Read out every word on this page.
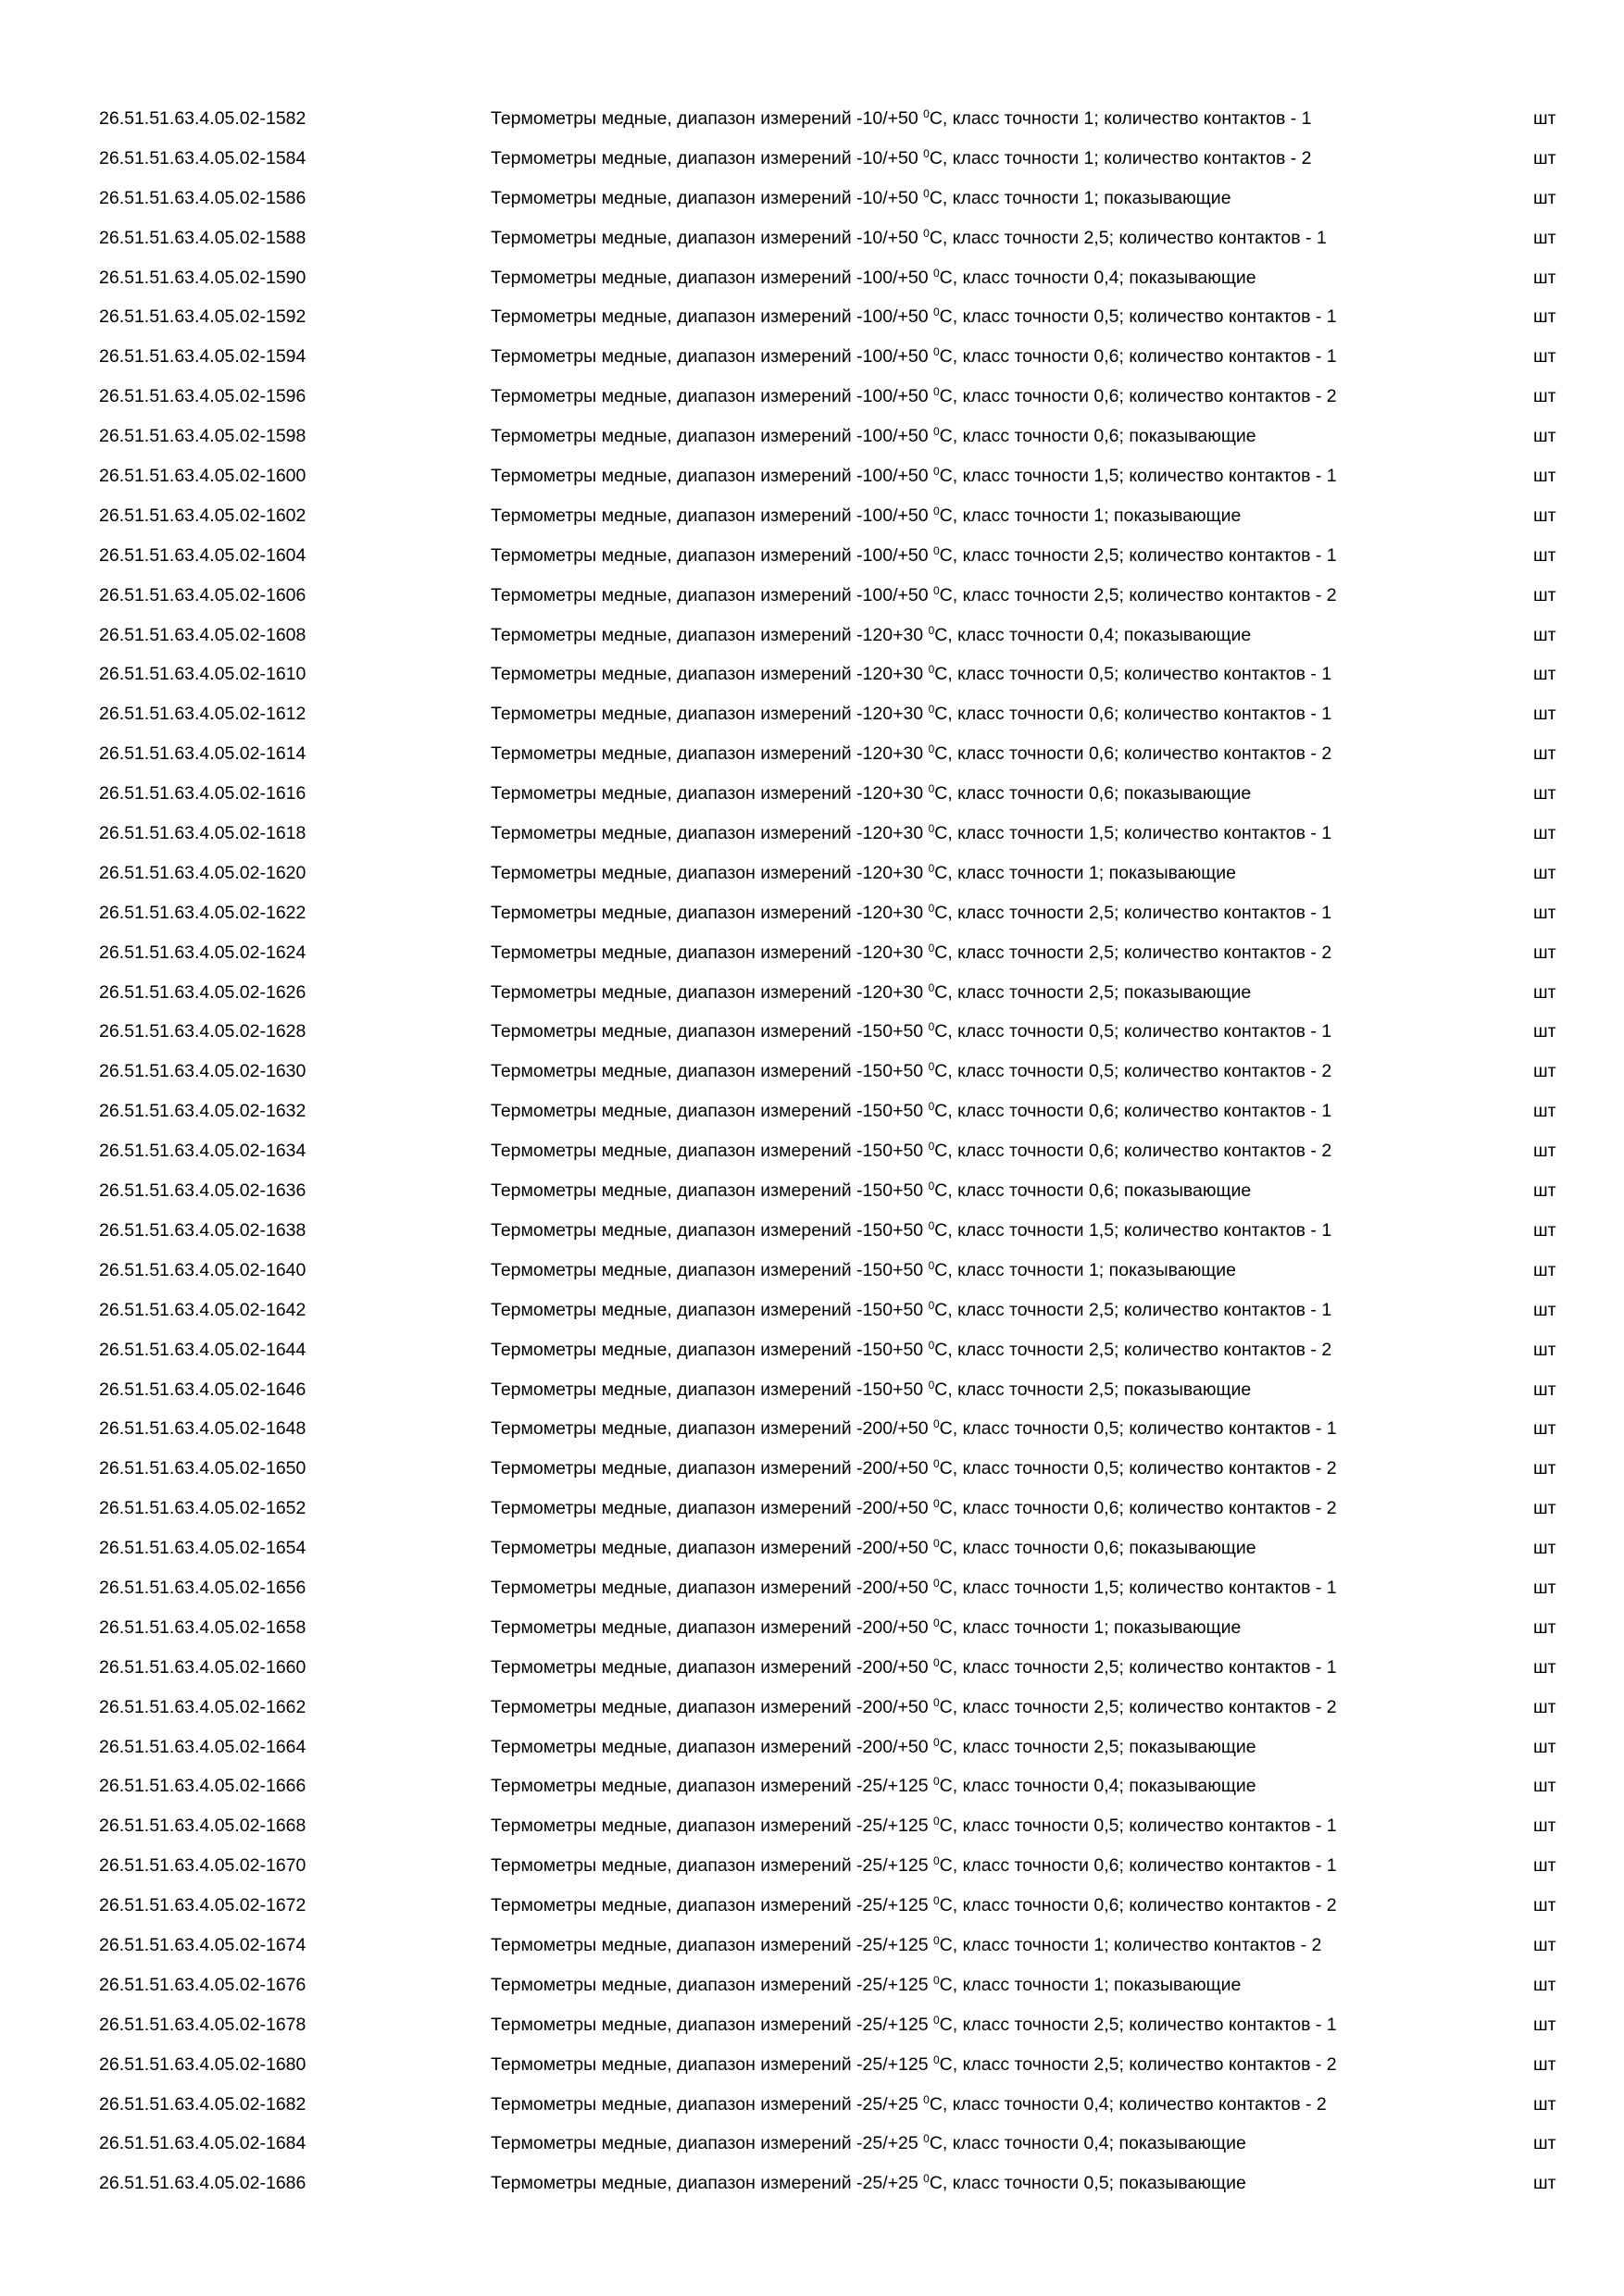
26.51.51.63.4.05.02-1582	Термометры медные, диапазон измерений -10/+50 $^0$С, класс точности 1; количество контактов - 1	шт
26.51.51.63.4.05.02-1584	Термометры медные, диапазон измерений -10/+50 $^0$С, класс точности 1; количество контактов - 2	шт
26.51.51.63.4.05.02-1586	Термометры медные, диапазон измерений -10/+50 $^0$С, класс точности 1; показывающие	шт
26.51.51.63.4.05.02-1588	Термометры медные, диапазон измерений -10/+50 $^0$С, класс точности 2,5; количество контактов - 1	шт
26.51.51.63.4.05.02-1590	Термометры медные, диапазон измерений -100/+50 $^0$С, класс точности 0,4; показывающие	шт
26.51.51.63.4.05.02-1592	Термометры медные, диапазон измерений -100/+50 $^0$С, класс точности 0,5; количество контактов - 1	шт
26.51.51.63.4.05.02-1594	Термометры медные, диапазон измерений -100/+50 $^0$С, класс точности 0,6; количество контактов - 1	шт
26.51.51.63.4.05.02-1596	Термометры медные, диапазон измерений -100/+50 $^0$С, класс точности 0,6; количество контактов - 2	шт
26.51.51.63.4.05.02-1598	Термометры медные, диапазон измерений -100/+50 $^0$С, класс точности 0,6; показывающие	шт
26.51.51.63.4.05.02-1600	Термометры медные, диапазон измерений -100/+50 $^0$С, класс точности 1,5; количество контактов - 1	шт
26.51.51.63.4.05.02-1602	Термометры медные, диапазон измерений -100/+50 $^0$С, класс точности 1; показывающие	шт
26.51.51.63.4.05.02-1604	Термометры медные, диапазон измерений -100/+50 $^0$С, класс точности 2,5; количество контактов - 1	шт
26.51.51.63.4.05.02-1606	Термометры медные, диапазон измерений -100/+50 $^0$С, класс точности 2,5; количество контактов - 2	шт
26.51.51.63.4.05.02-1608	Термометры медные, диапазон измерений -120+30 $^0$С, класс точности 0,4; показывающие	шт
26.51.51.63.4.05.02-1610	Термометры медные, диапазон измерений -120+30 $^0$С, класс точности 0,5; количество контактов - 1	шт
26.51.51.63.4.05.02-1612	Термометры медные, диапазон измерений -120+30 $^0$С, класс точности 0,6; количество контактов - 1	шт
26.51.51.63.4.05.02-1614	Термометры медные, диапазон измерений -120+30 $^0$С, класс точности 0,6; количество контактов - 2	шт
26.51.51.63.4.05.02-1616	Термометры медные, диапазон измерений -120+30 $^0$С, класс точности 0,6; показывающие	шт
26.51.51.63.4.05.02-1618	Термометры медные, диапазон измерений -120+30 $^0$С, класс точности 1,5; количество контактов - 1	шт
26.51.51.63.4.05.02-1620	Термометры медные, диапазон измерений -120+30 $^0$С, класс точности 1; показывающие	шт
26.51.51.63.4.05.02-1622	Термометры медные, диапазон измерений -120+30 $^0$С, класс точности 2,5; количество контактов - 1	шт
26.51.51.63.4.05.02-1624	Термометры медные, диапазон измерений -120+30 $^0$С, класс точности 2,5; количество контактов - 2	шт
26.51.51.63.4.05.02-1626	Термометры медные, диапазон измерений -120+30 $^0$С, класс точности 2,5; показывающие	шт
26.51.51.63.4.05.02-1628	Термометры медные, диапазон измерений -150+50 $^0$С, класс точности 0,5; количество контактов - 1	шт
26.51.51.63.4.05.02-1630	Термометры медные, диапазон измерений -150+50 $^0$С, класс точности 0,5; количество контактов - 2	шт
26.51.51.63.4.05.02-1632	Термометры медные, диапазон измерений -150+50 $^0$С, класс точности 0,6; количество контактов - 1	шт
26.51.51.63.4.05.02-1634	Термометры медные, диапазон измерений -150+50 $^0$С, класс точности 0,6; количество контактов - 2	шт
26.51.51.63.4.05.02-1636	Термометры медные, диапазон измерений -150+50 $^0$С, класс точности 0,6; показывающие	шт
26.51.51.63.4.05.02-1638	Термометры медные, диапазон измерений -150+50 $^0$С, класс точности 1,5; количество контактов - 1	шт
26.51.51.63.4.05.02-1640	Термометры медные, диапазон измерений -150+50 $^0$С, класс точности 1; показывающие	шт
26.51.51.63.4.05.02-1642	Термометры медные, диапазон измерений -150+50 $^0$С, класс точности 2,5; количество контактов - 1	шт
26.51.51.63.4.05.02-1644	Термометры медные, диапазон измерений -150+50 $^0$С, класс точности 2,5; количество контактов - 2	шт
26.51.51.63.4.05.02-1646	Термометры медные, диапазон измерений -150+50 $^0$С, класс точности 2,5; показывающие	шт
26.51.51.63.4.05.02-1648	Термометры медные, диапазон измерений -200/+50 $^0$С, класс точности 0,5; количество контактов - 1	шт
26.51.51.63.4.05.02-1650	Термометры медные, диапазон измерений -200/+50 $^0$С, класс точности 0,5; количество контактов - 2	шт
26.51.51.63.4.05.02-1652	Термометры медные, диапазон измерений -200/+50 $^0$С, класс точности 0,6; количество контактов - 2	шт
26.51.51.63.4.05.02-1654	Термометры медные, диапазон измерений -200/+50 $^0$С, класс точности 0,6; показывающие	шт
26.51.51.63.4.05.02-1656	Термометры медные, диапазон измерений -200/+50 $^0$С, класс точности 1,5; количество контактов - 1	шт
26.51.51.63.4.05.02-1658	Термометры медные, диапазон измерений -200/+50 $^0$С, класс точности 1; показывающие	шт
26.51.51.63.4.05.02-1660	Термометры медные, диапазон измерений -200/+50 $^0$С, класс точности 2,5; количество контактов - 1	шт
26.51.51.63.4.05.02-1662	Термометры медные, диапазон измерений -200/+50 $^0$С, класс точности 2,5; количество контактов - 2	шт
26.51.51.63.4.05.02-1664	Термометры медные, диапазон измерений -200/+50 $^0$С, класс точности 2,5; показывающие	шт
26.51.51.63.4.05.02-1666	Термометры медные, диапазон измерений -25/+125 $^0$С, класс точности 0,4; показывающие	шт
26.51.51.63.4.05.02-1668	Термометры медные, диапазон измерений -25/+125 $^0$С, класс точности 0,5; количество контактов - 1	шт
26.51.51.63.4.05.02-1670	Термометры медные, диапазон измерений -25/+125 $^0$С, класс точности 0,6; количество контактов - 1	шт
26.51.51.63.4.05.02-1672	Термометры медные, диапазон измерений -25/+125 $^0$С, класс точности 0,6; количество контактов - 2	шт
26.51.51.63.4.05.02-1674	Термометры медные, диапазон измерений -25/+125 $^0$С, класс точности 1; количество контактов - 2	шт
26.51.51.63.4.05.02-1676	Термометры медные, диапазон измерений -25/+125 $^0$С, класс точности 1; показывающие	шт
26.51.51.63.4.05.02-1678	Термометры медные, диапазон измерений -25/+125 $^0$С, класс точности 2,5; количество контактов - 1	шт
26.51.51.63.4.05.02-1680	Термометры медные, диапазон измерений -25/+125 $^0$С, класс точности 2,5; количество контактов - 2	шт
26.51.51.63.4.05.02-1682	Термометры медные, диапазон измерений -25/+25 $^0$С, класс точности 0,4; количество контактов - 2	шт
26.51.51.63.4.05.02-1684	Термометры медные, диапазон измерений -25/+25 $^0$С, класс точности 0,4; показывающие	шт
26.51.51.63.4.05.02-1686	Термометры медные, диапазон измерений -25/+25 $^0$С, класс точности 0,5; показывающие	шт
